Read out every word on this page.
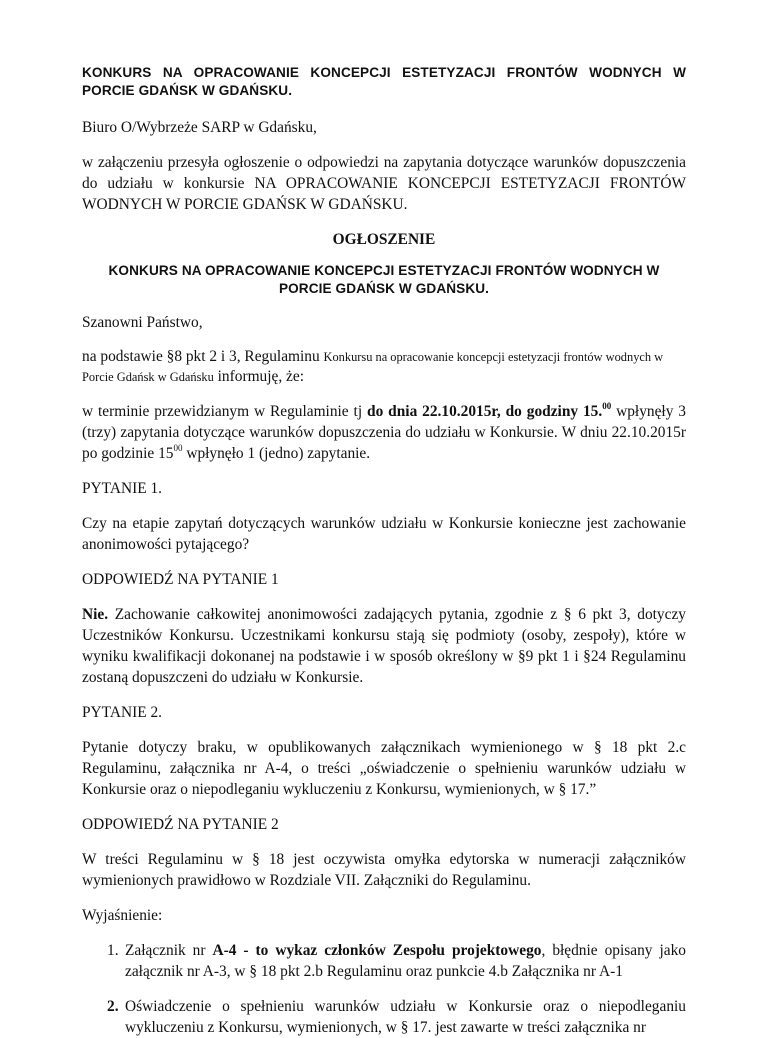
KONKURS NA OPRACOWANIE KONCEPCJI ESTETYZACJI FRONTÓW WODNYCH W PORCIE GDAŃSK W GDAŃSKU.

Biuro O/Wybrzeże SARP w Gdańsku,

w załączeniu przesyła ogłoszenie o odpowiedzi na zapytania dotyczące warunków dopuszczenia do udziału w konkursie NA OPRACOWANIE KONCEPCJI ESTETYZACJI FRONTÓW WODNYCH W PORCIE GDAŃSK W GDAŃSKU.

OGŁOSZENIE
KONKURS NA OPRACOWANIE KONCEPCJI ESTETYZACJI FRONTÓW WODNYCH W
PORCIE GDAŃSK W GDAŃSKU.

Szanowni Państwo,

na podstawie §8 pkt 2 i 3, Regulaminu Konkursu na opracowanie koncepcji estetyzacji frontów wodnych w Porcie Gdańsk w Gdańsku informuję, że:

w terminie przewidzianym w Regulaminie tj do dnia 22.10.2015r, do godziny 15.00 wpłynęły 3 (trzy) zapytania dotyczące warunków dopuszczenia do udziału w Konkursie. W dniu 22.10.2015r po godzinie $15^{00}$ wpłynęło 1 (jedno) zapytanie.

PYTANIE 1.

Czy na etapie zapytań dotyczących warunków udziału w Konkursie konieczne jest zachowanie anonimowości pytającego?

ODPOWIEDŹ NA PYTANIE 1

Nie. Zachowanie całkowitej anonimowości zadających pytania, zgodnie z § 6 pkt 3, dotyczy Uczestników Konkursu. Uczestnikami konkursu stają się podmioty (osoby, zespoły), które w wyniku kwalifikacji dokonanej na podstawie i w sposób określony w §9 pkt 1 i §24 Regulaminu zostaną dopuszczeni do udziału w Konkursie.

PYTANIE 2.

Pytanie dotyczy braku, w opublikowanych załącznikach wymienionego w § 18 pkt 2.c Regulaminu, załącznika nr A-4, o treści „oświadczenie o spełnieniu warunków udziału w Konkursie oraz o niepodleganiu wykluczeniu z Konkursu, wymienionych, w § 17.”

ODPOWIEDŹ NA PYTANIE 2

W treści Regulaminu w § 18 jest oczywista omyłka edytorska w numeracji załączników wymienionych prawidłowo w Rozdziale VII. Załączniki do Regulaminu.

Wyjaśnienie:

1. Załącznik nr A-4 - to wykaz członków Zespołu projektowego, błędnie opisany jako załącznik nr A-3, w § 18 pkt 2.b Regulaminu oraz punkcie 4.b Załącznika nr A-1
2. Oświadczenie o spełnieniu warunków udziału w Konkursie oraz o niepodleganiu wykluczeniu z Konkursu, wymienionych, w § 17. jest zawarte w treści załącznika nr
